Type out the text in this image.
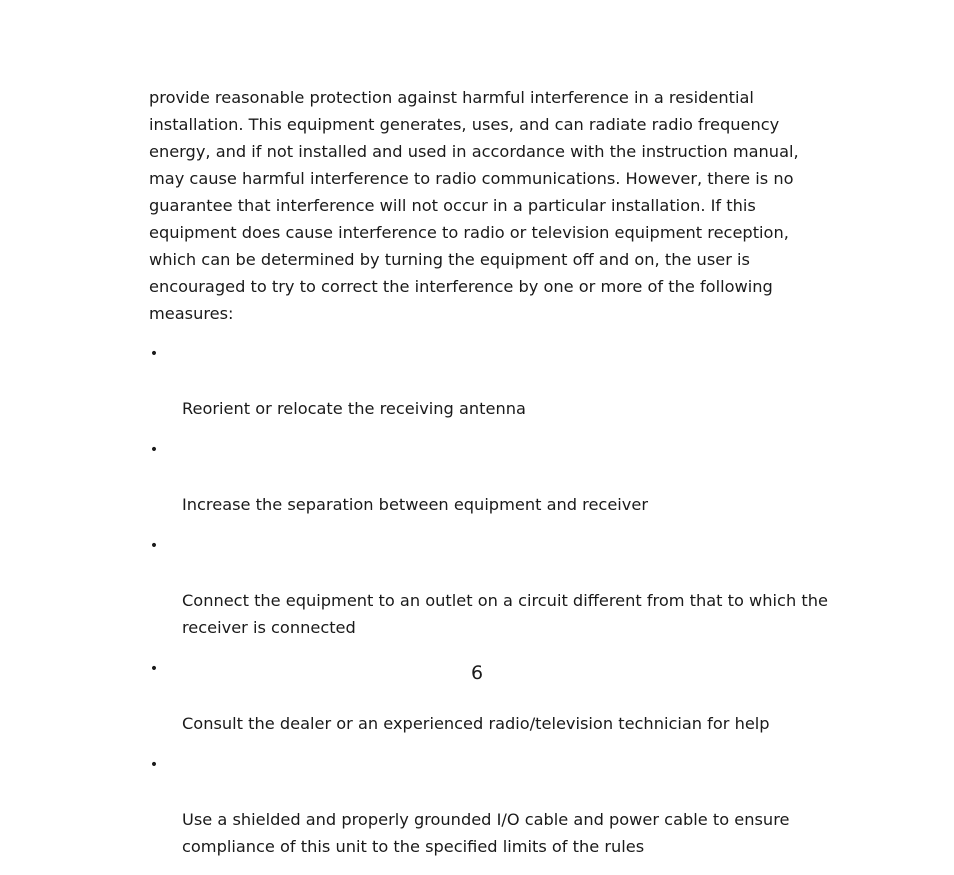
provide reasonable protection against harmful interference in a residential
installation. This equipment generates, uses, and can radiate radio frequency
energy, and if not installed and used in accordance with the instruction manual,
may cause harmful interference to radio communications. However, there is no
guarantee that interference will not occur in a particular installation. If this
equipment does cause interference to radio or television equipment reception,
which can be determined by turning the equipment off and on, the user is
encouraged to try to correct the interference by one or more of the following
measures:

•

Reorient or relocate the receiving antenna

•

Increase the separation between equipment and receiver

•

Connect the equipment to an outlet on a circuit different from that to which the
receiver is connected

•

Consult the dealer or an experienced radio/television technician for help

•

Use a shielded and properly grounded I/O cable and power cable to ensure
compliance of this unit to the specified limits of the rules

6
